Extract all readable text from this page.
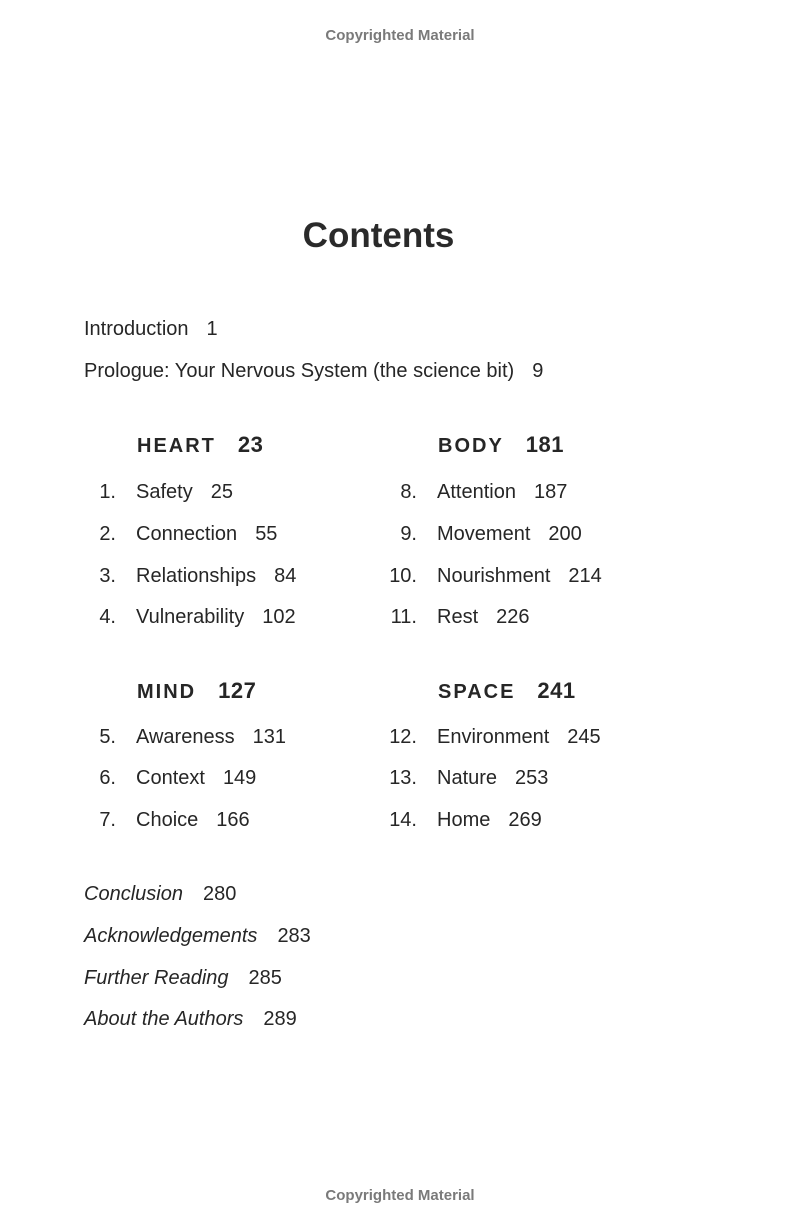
Copyrighted Material
Contents
Introduction 1
Prologue: Your Nervous System (the science bit) 9
HEART 23
1. Safety 25
2. Connection 55
3. Relationships 84
4. Vulnerability 102
BODY 181
8. Attention 187
9. Movement 200
10. Nourishment 214
11. Rest 226
MIND 127
5. Awareness 131
6. Context 149
7. Choice 166
SPACE 241
12. Environment 245
13. Nature 253
14. Home 269
Conclusion 280
Acknowledgements 283
Further Reading 285
About the Authors 289
Copyrighted Material
